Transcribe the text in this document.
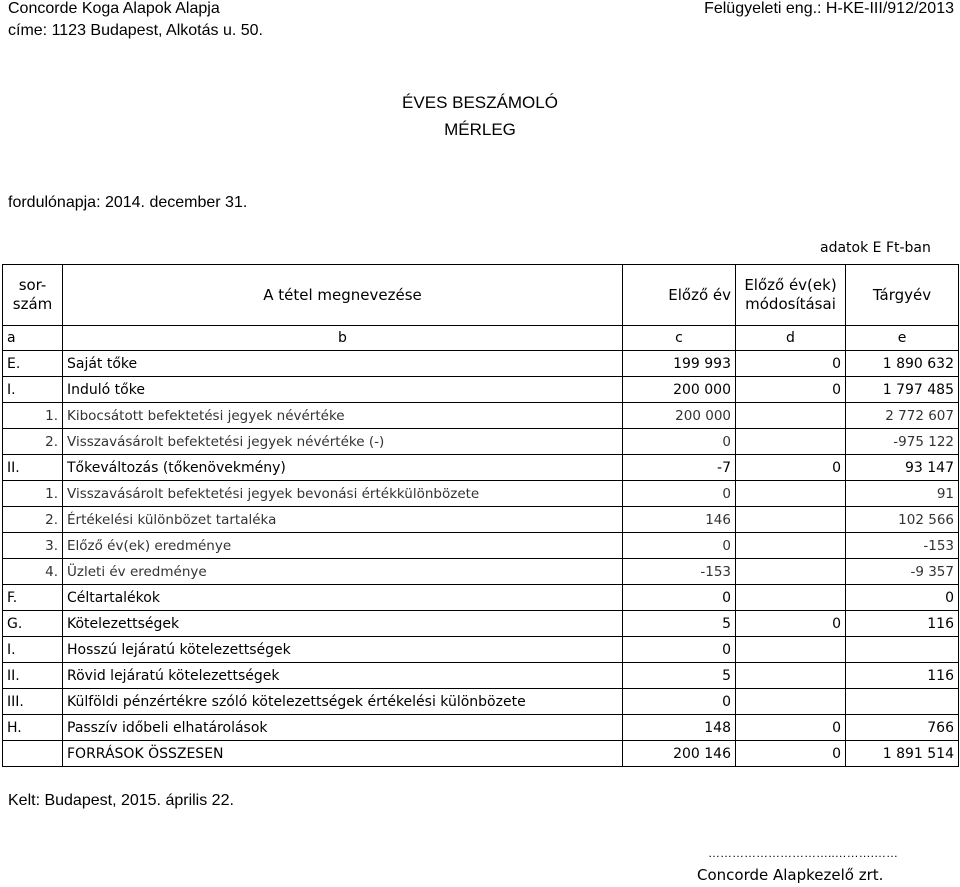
Concorde Koga Alapok Alapja	Felügyeleti eng.: H-KE-III/912/2013
címe: 1123 Budapest, Alkotás u. 50.
ÉVES BESZÁMOLÓ
MÉRLEG
fordulónapja: 2014. december 31.
adatok E Ft-ban
sor-
szám	A tétel megnevezése	Előző év	Előző év(ek) módosításai	Tárgyév
a	b	c	d	e
E.	Saját tőke	199 993	0	1 890 632
I.	Induló tőke	200 000	0	1 797 485
1.	Kibocsátott befektetési jegyek névértéke	200 000		2 772 607
2.	Visszavásárolt befektetési jegyek névértéke (-)	0		-975 122
II.	Tőkeváltozás (tőkenövekmény)	-7	0	93 147
1.	Visszavásárolt befektetési jegyek bevonási értékkülönbözete	0		91
2.	Értékelési különbözet tartaléka	146		102 566
3.	Előző év(ek) eredménye	0		-153
4.	Üzleti év eredménye	-153		-9 357
F.	Céltartalékok	0		0
G.	Kötelezettségek	5	0	116
I.	Hosszú lejáratú kötelezettségek	0		
II.	Rövid lejáratú kötelezettségek	5		116
III.	Külföldi pénzértékre szóló kötelezettségek értékelési különbözete	0		
H.	Passzív időbeli elhatárolások	148	0	766
	FORRÁSOK ÖSSZESEN	200 146	0	1 891 514
Kelt: Budapest, 2015. április 22.
…………………………..……….……
Concorde Alapkezelő zrt.
